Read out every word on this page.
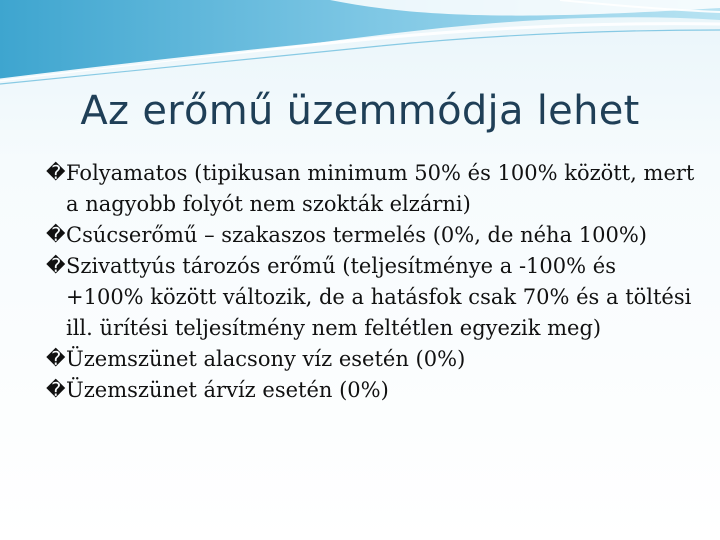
Az erőmű üzemmódja lehet
� Folyamatos (tipikusan minimum 50% és 100% között, mert a nagyobb folyót nem szokták elzárni)
� Csúcserőmű – szakaszos termelés (0%, de néha 100%)
� Szivattyús tározós erőmű (teljesítménye a -100% és +100% között változik, de a hatásfok csak 70% és a töltési ill. ürítési teljesítmény nem feltétlen egyezik meg)
� Üzemszünet alacsony víz esetén (0%)
� Üzemszünet árvíz esetén (0%)
